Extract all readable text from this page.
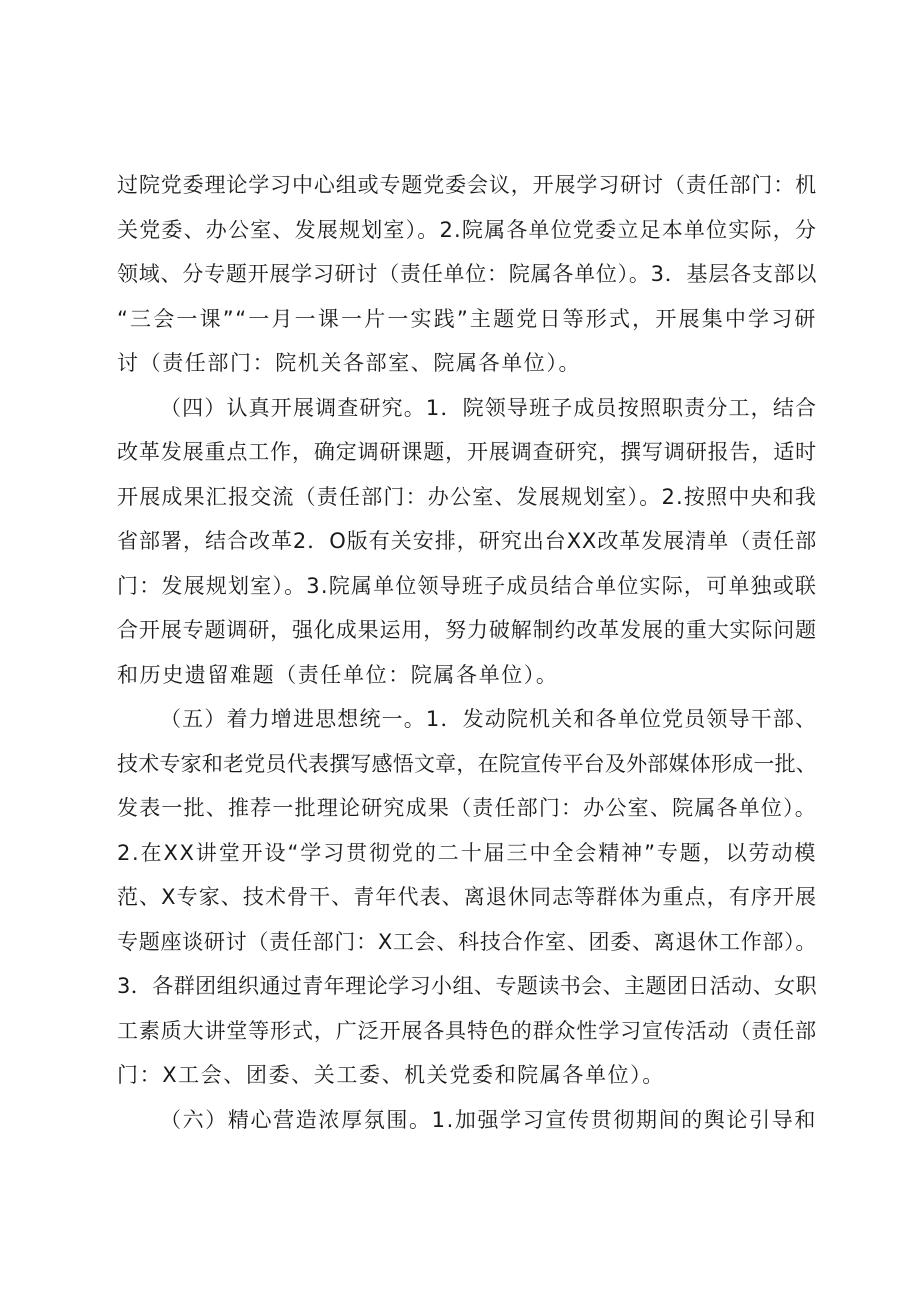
过院党委理论学习中心组或专题党委会议，开展学习研讨（责任部门：机
关党委、办公室、发展规划室）。2.院属各单位党委立足本单位实际，分
领域、分专题开展学习研讨（责任单位：院属各单位）。3．基层各支部以
“三会一课”“一月一课一片一实践”主题党日等形式，开展集中学习研
讨（责任部门：院机关各部室、院属各单位）。
（四）认真开展调查研究。1．院领导班子成员按照职责分工，结合
改革发展重点工作，确定调研课题，开展调查研究，撰写调研报告，适时
开展成果汇报交流（责任部门：办公室、发展规划室）。2.按照中央和我
省部署，结合改革2．O版有关安排，研究出台XX改革发展清单（责任部
门：发展规划室）。3.院属单位领导班子成员结合单位实际，可单独或联
合开展专题调研，强化成果运用，努力破解制约改革发展的重大实际问题
和历史遗留难题（责任单位：院属各单位）。
（五）着力增进思想统一。1．发动院机关和各单位党员领导干部、
技术专家和老党员代表撰写感悟文章，在院宣传平台及外部媒体形成一批、
发表一批、推荐一批理论研究成果（责任部门：办公室、院属各单位）。
2.在XX讲堂开设“学习贯彻党的二十届三中全会精神”专题，以劳动模
范、X专家、技术骨干、青年代表、离退休同志等群体为重点，有序开展
专题座谈研讨（责任部门：X工会、科技合作室、团委、离退休工作部）。
3．各群团组织通过青年理论学习小组、专题读书会、主题团日活动、女职
工素质大讲堂等形式，广泛开展各具特色的群众性学习宣传活动（责任部
门：X工会、团委、关工委、机关党委和院属各单位）。
（六）精心营造浓厚氛围。1.加强学习宣传贯彻期间的舆论引导和
